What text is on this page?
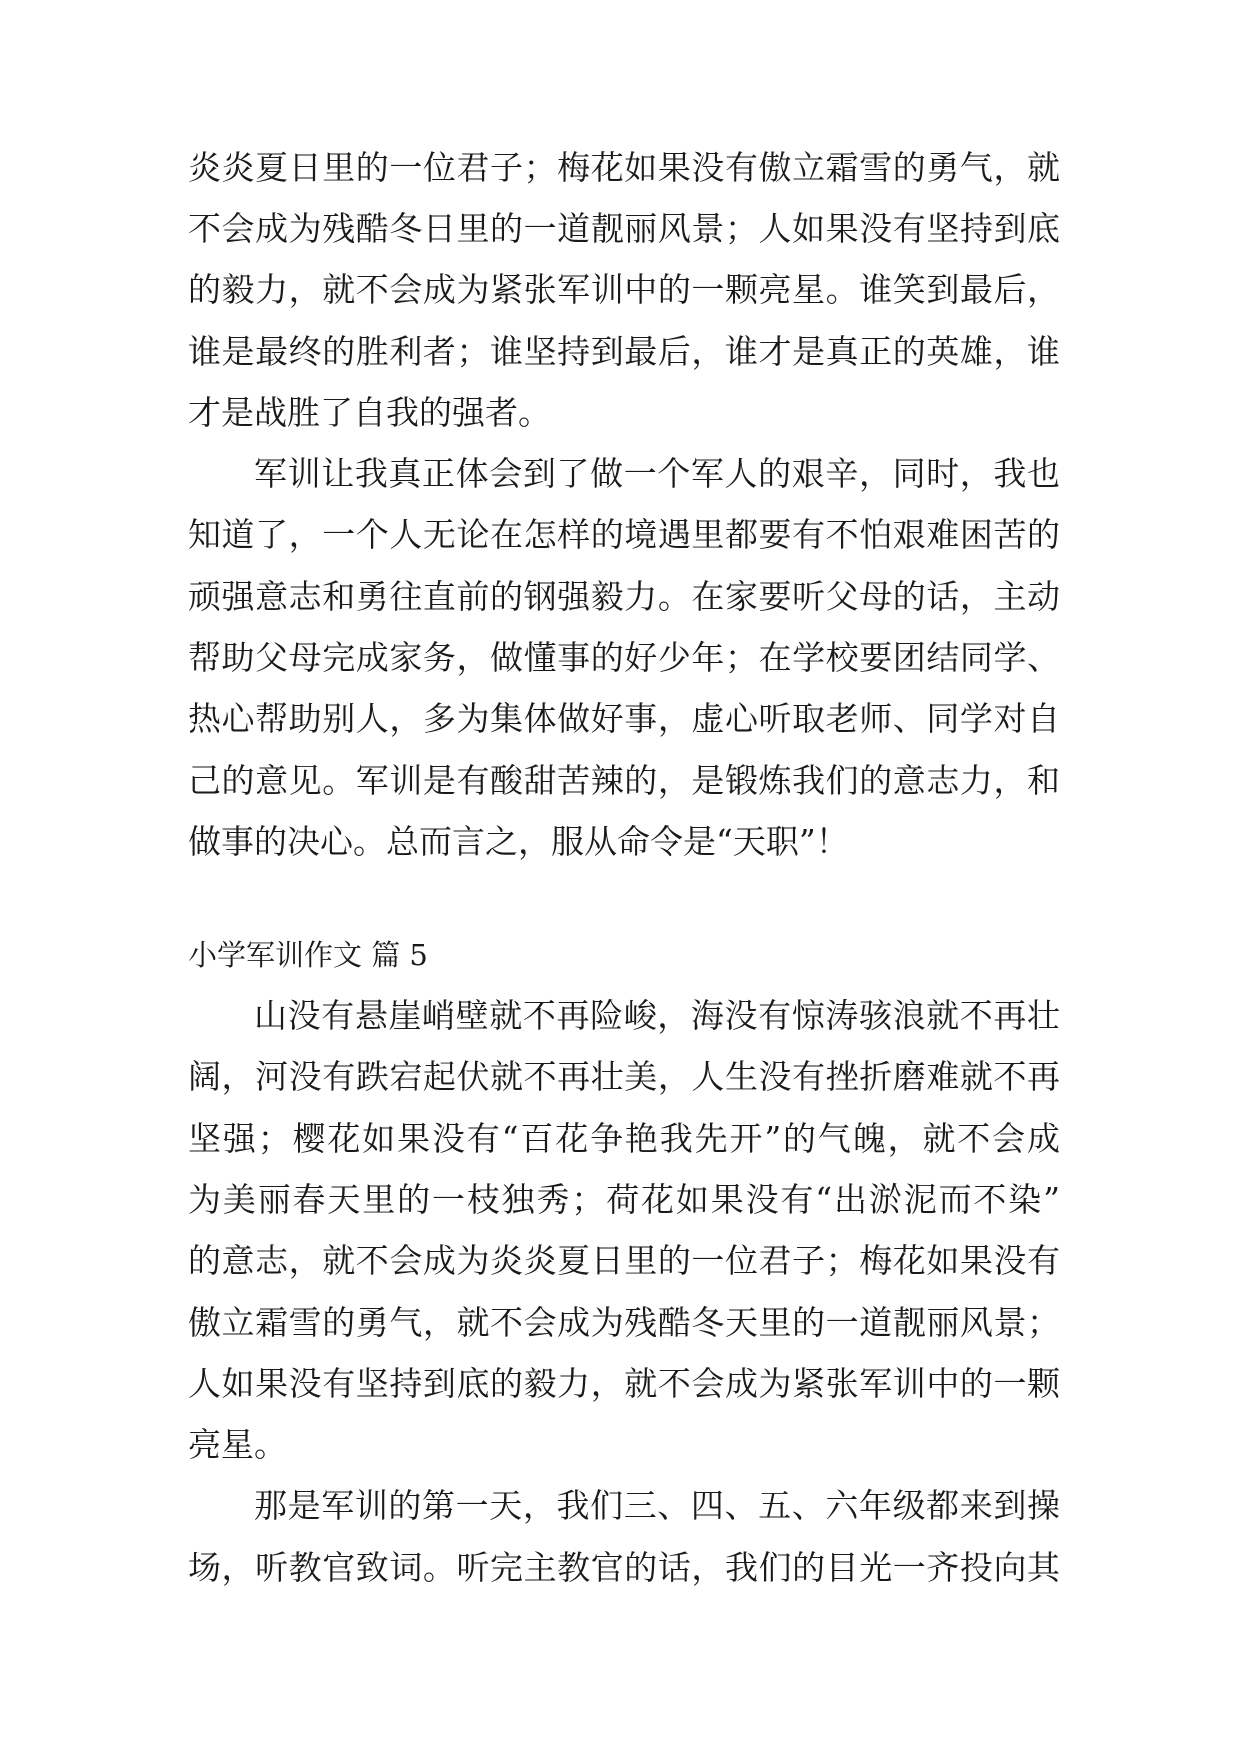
炎炎夏日里的一位君子；梅花如果没有傲立霜雪的勇气，就
不会成为残酷冬日里的一道靓丽风景；人如果没有坚持到底
的毅力，就不会成为紧张军训中的一颗亮星。谁笑到最后，
谁是最终的胜利者；谁坚持到最后，谁才是真正的英雄，谁
才是战胜了自我的强者。
军训让我真正体会到了做一个军人的艰辛，同时，我也
知道了，一个人无论在怎样的境遇里都要有不怕艰难困苦的
顽强意志和勇往直前的钢强毅力。在家要听父母的话，主动
帮助父母完成家务，做懂事的好少年；在学校要团结同学、
热心帮助别人，多为集体做好事，虚心听取老师、同学对自
己的意见。军训是有酸甜苦辣的，是锻炼我们的意志力，和
做事的决心。总而言之，服从命令是“天职”！
小学军训作文 篇 5
山没有悬崖峭壁就不再险峻，海没有惊涛骇浪就不再壮
阔，河没有跌宕起伏就不再壮美，人生没有挫折磨难就不再
坚强；樱花如果没有“百花争艳我先开”的气魄，就不会成
为美丽春天里的一枝独秀；荷花如果没有“出淤泥而不染”
的意志，就不会成为炎炎夏日里的一位君子；梅花如果没有
傲立霜雪的勇气，就不会成为残酷冬天里的一道靓丽风景；
人如果没有坚持到底的毅力，就不会成为紧张军训中的一颗
亮星。
那是军训的第一天，我们三、四、五、六年级都来到操
场，听教官致词。听完主教官的话，我们的目光一齐投向其
